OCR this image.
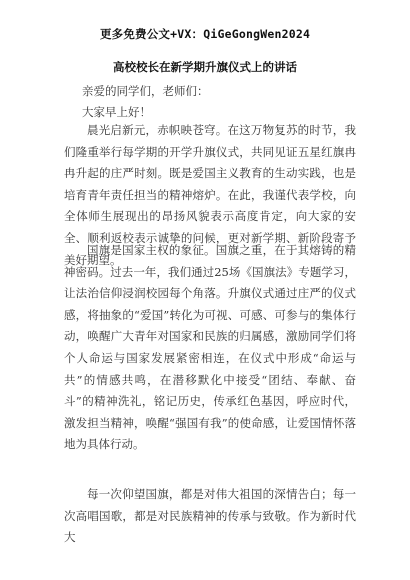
更多免费公文+VX：QiGeGongWen2024
高校校长在新学期升旗仪式上的讲话
亲爱的同学们，老师们：
大家早上好！

晨光启新元，赤帜映苍穹。在这万物复苏的时节，我们隆重举行每学期的开学升旗仪式，共同见证五星红旗冉冉升起的庄严时刻。既是爱国主义教育的生动实践，也是培育青年责任担当的精神熔炉。在此，我谨代表学校，向全体师生展现出的昂扬风貌表示高度肯定，向大家的安全、顺利返校表示诚挚的问候，更对新学期、新阶段寄予美好期望。

国旗是国家主权的象征。国旗之重，在于其熔铸的精神密码。过去一年，我们通过25场《国旗法》专题学习，让法治信仰浸润校园每个角落。升旗仪式通过庄严的仪式感，将抽象的“爱国”转化为可视、可感、可参与的集体行动，唤醒广大青年对国家和民族的归属感，激励同学们将个人命运与国家发展紧密相连，在仪式中形成“命运与共”的情感共鸣，在潜移默化中接受“团结、奉献、奋斗”的精神洗礼，铭记历史，传承红色基因，呼应时代，激发担当精神，唤醒“强国有我”的使命感，让爱国情怀落地为具体行动。

每一次仰望国旗，都是对伟大祖国的深情告白；每一次高唱国歌，都是对民族精神的传承与致敬。作为新时代大
